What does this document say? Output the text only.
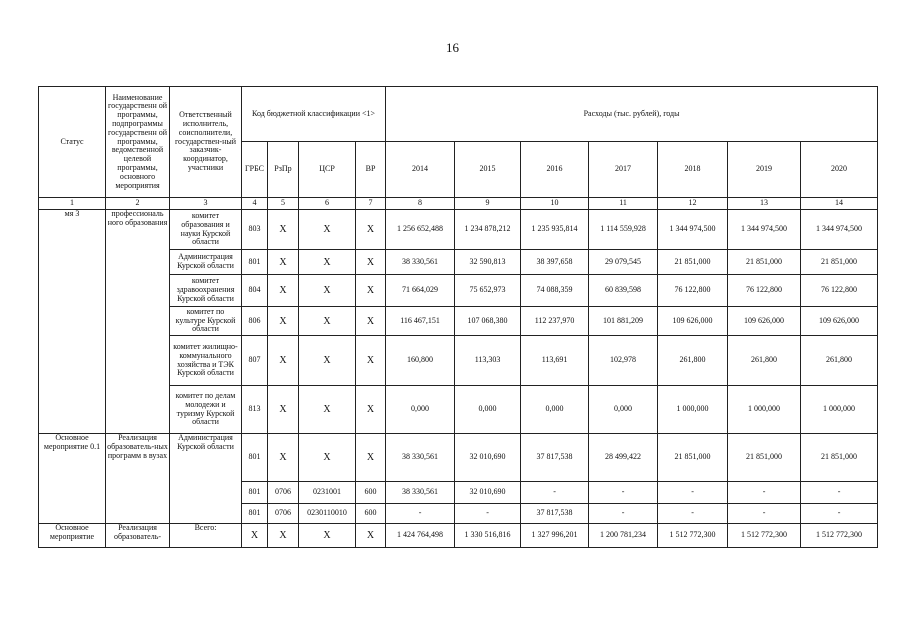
16
Статус	Наименование государственн ой программы, подпрограммы государственн ой программы, ведомственной целевой программы, основного мероприятия	Ответственный исполнитель, соисполнители, государствен-ный заказчик-координатор, участники	Код бюджетной классификации <1>				Расходы (тыс. рублей), годы						
			ГРБС	РзПр	ЦСР	ВР	2014	2015	2016	2017	2018	2019	2020
1	2	3	4	5	6	7	8	9	10	11	12	13	14
мя 3	профессиональ ного образования	комитет образования и науки Курской области	803	X	X	X	1 256 652,488	1 234 878,212	1 235 935,814	1 114 559,928	1 344 974,500	1 344 974,500	1 344 974,500
		Администрация Курской области	801	X	X	X	38 330,561	32 590,813	38 397,658	29 079,545	21 851,000	21 851,000	21 851,000
		комитет здравоохранения Курской области	804	X	X	X	71 664,029	75 652,973	74 088,359	60 839,598	76 122,800	76 122,800	76 122,800
		комитет по культуре Курской области	806	X	X	X	116 467,151	107 068,380	112 237,970	101 881,209	109 626,000	109 626,000	109 626,000
		комитет жилищно-коммунального хозяйства и ТЭК Курской области	807	X	X	X	160,800	113,303	113,691	102,978	261,800	261,800	261,800
		комитет по делам молодежи и туризму Курской области	813	X	X	X	0,000	0,000	0,000	0,000	1 000,000	1 000,000	1 000,000
Основное мероприятие 0.1	Реализация образователь-ных программ в вузах	Администрация Курской области	801	X	X	X	38 330,561	32 010,690	37 817,538	28 499,422	21 851,000	21 851,000	21 851,000
			801	0706	0231001	600	38 330,561	32 010,690	-	-	-	-	-
			801	0706	0230110010	600	-	-	37 817,538	-	-	-	-
Основное мероприятие	Реализация образователь-	Всего:	X	X	X	X	1 424 764,498	1 330 516,816	1 327 996,201	1 200 781,234	1 512 772,300	1 512 772,300	1 512 772,300
